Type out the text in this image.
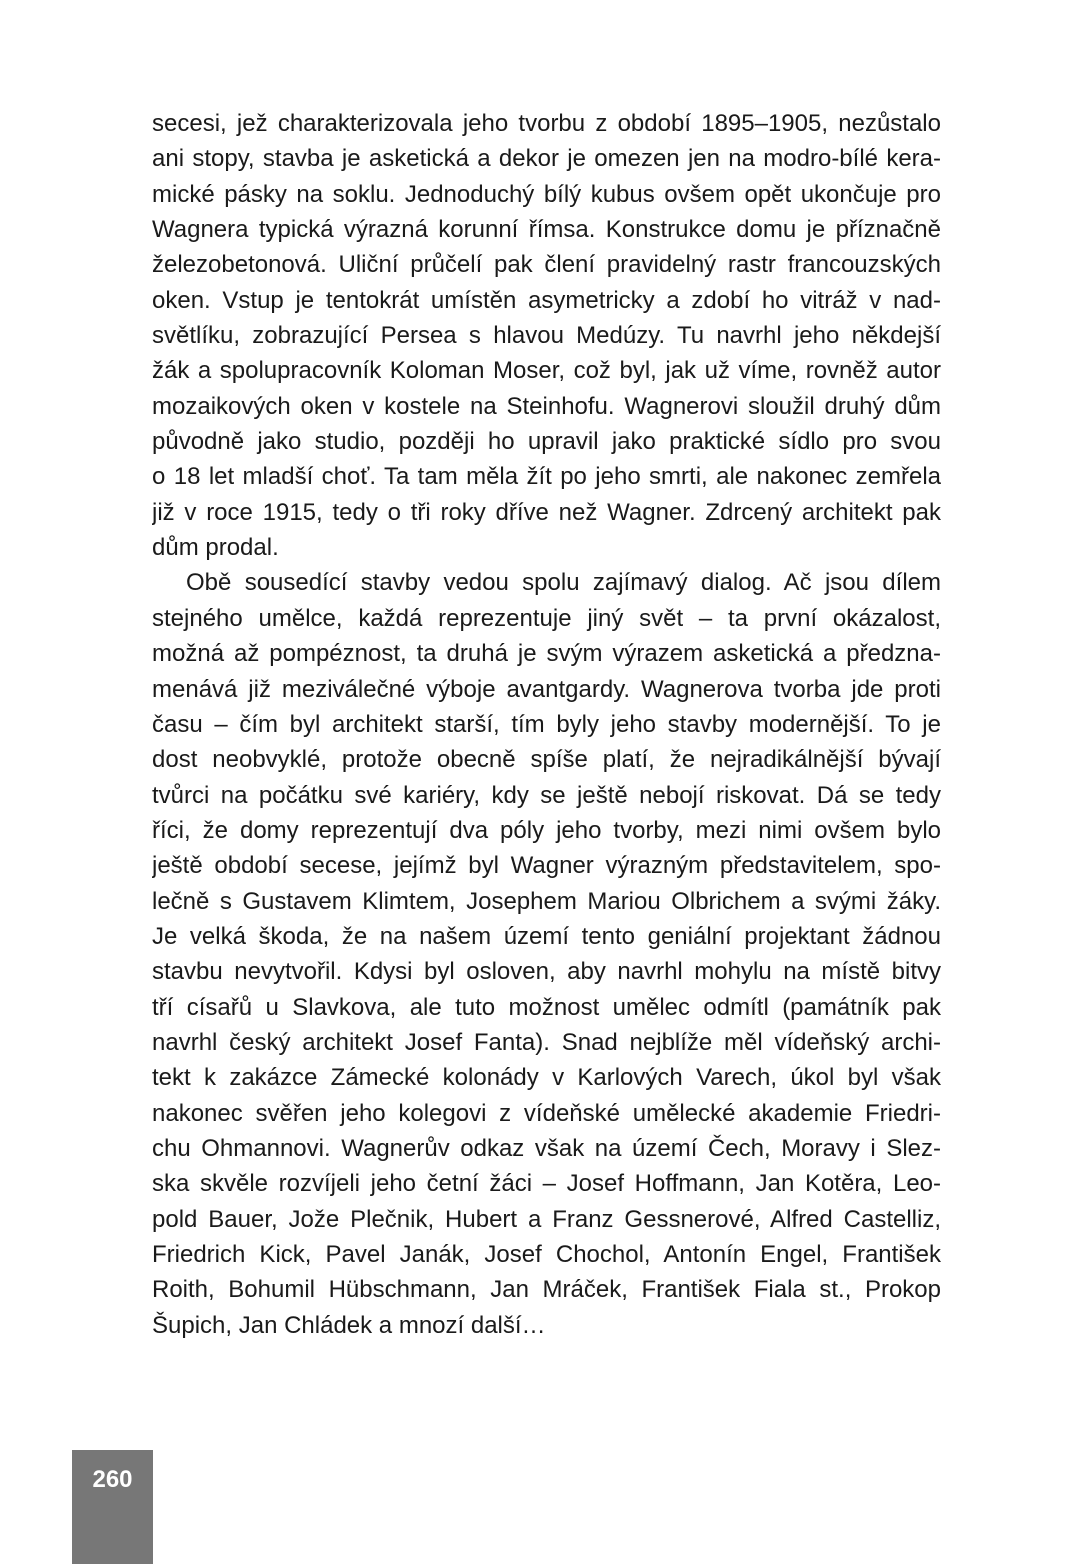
secesi, jež charakterizovala jeho tvorbu z období 1895–1905, nezůstalo
ani stopy, stavba je asketická a dekor je omezen jen na modro-bílé kera-
mické pásky na soklu. Jednoduchý bílý kubus ovšem opět ukončuje pro
Wagnera typická výrazná korunní římsa. Konstrukce domu je příznačně
železobetonová. Uliční průčelí pak člení pravidelný rastr francouzských
oken. Vstup je tentokrát umístěn asymetricky a zdobí ho vitráž v nad-
světlíku, zobrazující Persea s hlavou Medúzy. Tu navrhl jeho někdejší
žák a spolupracovník Koloman Moser, což byl, jak už víme, rovněž autor
mozaikových oken v kostele na Steinhofu. Wagnerovi sloužil druhý dům
původně jako studio, později ho upravil jako praktické sídlo pro svou
o 18 let mladší choť. Ta tam měla žít po jeho smrti, ale nakonec zemřela
již v roce 1915, tedy o tři roky dříve než Wagner. Zdrcený architekt pak
dům prodal.
Obě sousedící stavby vedou spolu zajímavý dialog. Ač jsou dílem
stejného umělce, každá reprezentuje jiný svět – ta první okázalost,
možná až pompéznost, ta druhá je svým výrazem asketická a předzna-
menává již meziválečné výboje avantgardy. Wagnerova tvorba jde proti
času – čím byl architekt starší, tím byly jeho stavby modernější. To je
dost neobvyklé, protože obecně spíše platí, že nejradikálnější bývají
tvůrci na počátku své kariéry, kdy se ještě nebojí riskovat. Dá se tedy
říci, že domy reprezentují dva póly jeho tvorby, mezi nimi ovšem bylo
ještě období secese, jejímž byl Wagner výrazným představitelem, spo-
lečně s Gustavem Klimtem, Josephem Mariou Olbrichem a svými žáky.
Je velká škoda, že na našem území tento geniální projektant žádnou
stavbu nevytvořil. Kdysi byl osloven, aby navrhl mohylu na místě bitvy
tří císařů u Slavkova, ale tuto možnost umělec odmítl (památník pak
navrhl český architekt Josef Fanta). Snad nejblíže měl vídeňský archi-
tekt k zakázce Zámecké kolonády v Karlových Varech, úkol byl však
nakonec svěřen jeho kolegovi z vídeňské umělecké akademie Friedri-
chu Ohmannovi. Wagnerův odkaz však na území Čech, Moravy i Slez-
ska skvěle rozvíjeli jeho četní žáci – Josef Hoffmann, Jan Kotěra, Leo-
pold Bauer, Jože Plečnik, Hubert a Franz Gessnerové, Alfred Castelliz,
Friedrich Kick, Pavel Janák, Josef Chochol, Antonín Engel, František
Roith, Bohumil Hübschmann, Jan Mráček, František Fiala st., Prokop
Šupich, Jan Chládek a mnozí další…
260
